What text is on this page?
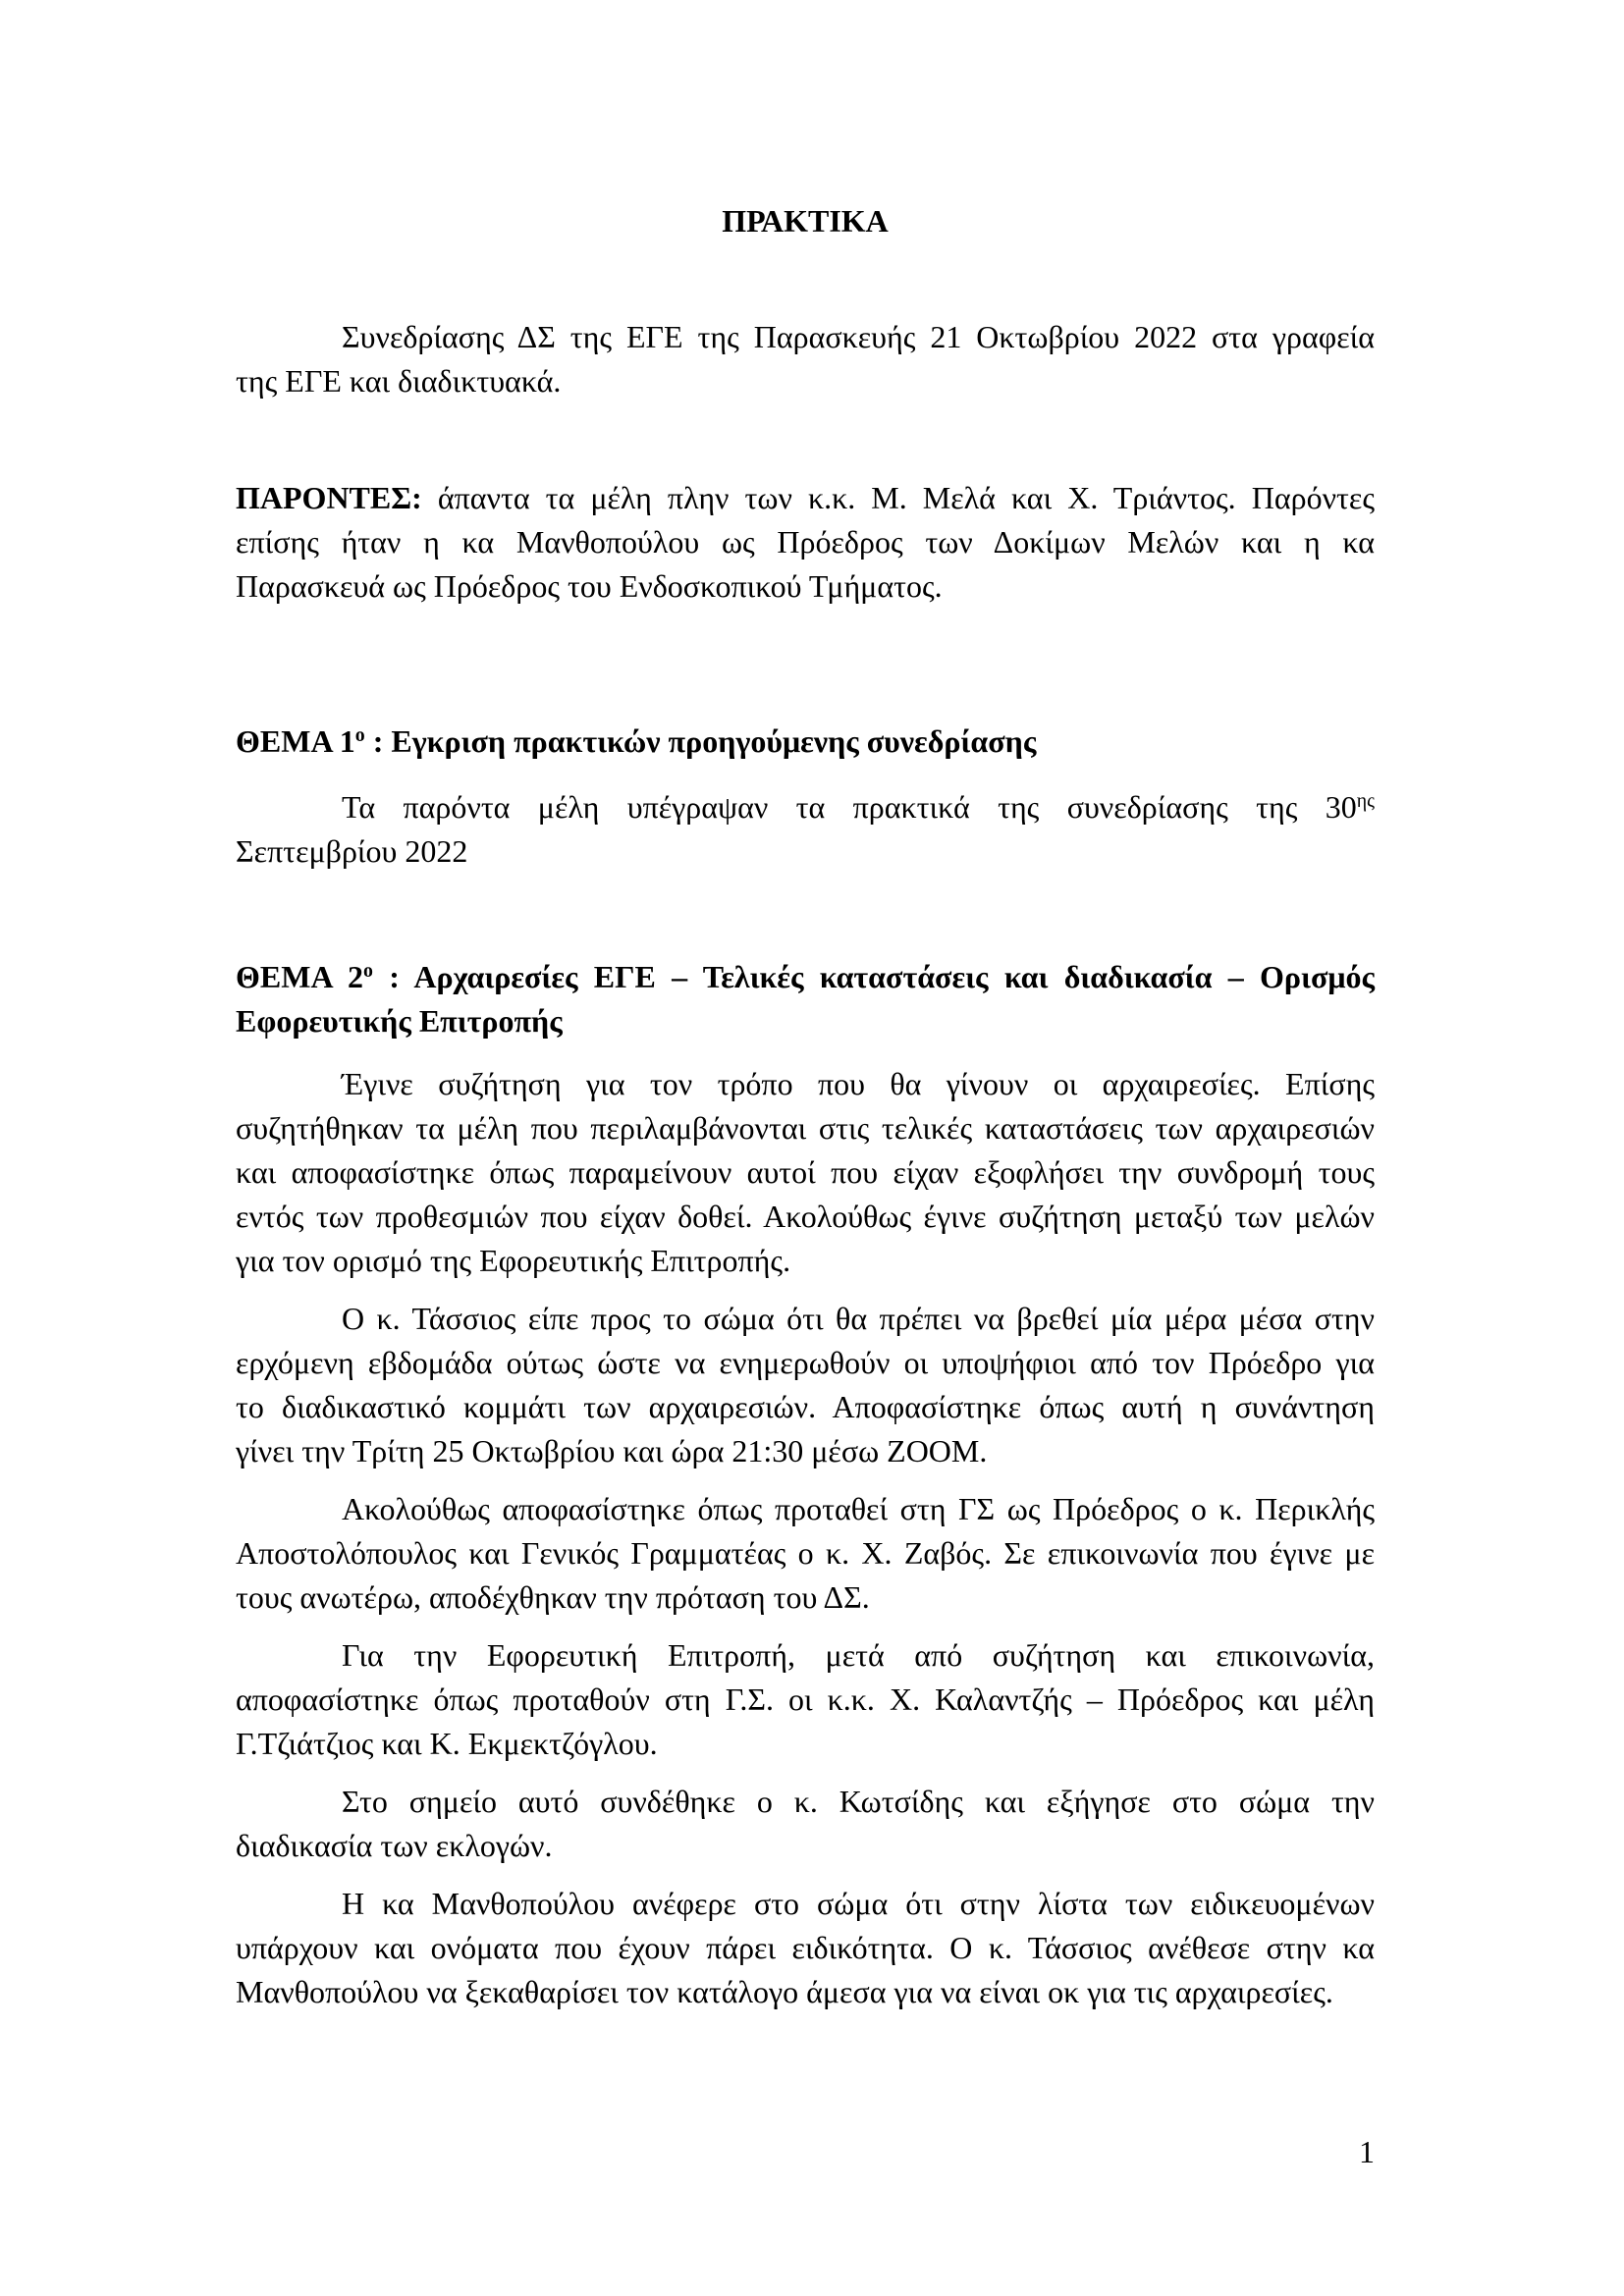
ΠΡΑΚΤΙΚΑ
Συνεδρίασης ΔΣ της ΕΓΕ της Παρασκευής 21 Οκτωβρίου 2022 στα γραφεία
της ΕΓΕ και διαδικτυακά.
ΠΑΡΟΝΤΕΣ: άπαντα τα μέλη πλην των κ.κ. Μ. Μελά και Χ. Τριάντος. Παρόντες
επίσης ήταν η κα Μανθοπούλου ως Πρόεδρος των Δοκίμων Μελών και η κα
Παρασκευά ως Πρόεδρος του Ενδοσκοπικού Τμήματος.
ΘΕΜΑ $1^o$ : Εγκριση πρακτικών προηγούμενης συνεδρίασης
Τα παρόντα μέλη υπέγραψαν τα πρακτικά της συνεδρίασης της $30^{\eta\varsigma}$
Σεπτεμβρίου 2022
ΘΕΜΑ $2^o$ : Αρχαιρεσίες ΕΓΕ – Τελικές καταστάσεις και διαδικασία – Ορισμός
Εφορευτικής Επιτροπής
Έγινε συζήτηση για τον τρόπο που θα γίνουν οι αρχαιρεσίες. Επίσης
συζητήθηκαν τα μέλη που περιλαμβάνονται στις τελικές καταστάσεις των αρχαιρεσιών
και αποφασίστηκε όπως παραμείνουν αυτοί που είχαν εξοφλήσει την συνδρομή τους
εντός των προθεσμιών που είχαν δοθεί. Ακολούθως έγινε συζήτηση μεταξύ των μελών
για τον ορισμό της Εφορευτικής Επιτροπής.
Ο κ. Τάσσιος είπε προς το σώμα ότι θα πρέπει να βρεθεί μία μέρα μέσα στην
ερχόμενη εβδομάδα ούτως ώστε να ενημερωθούν οι υποψήφιοι από τον Πρόεδρο για
το διαδικαστικό κομμάτι των αρχαιρεσιών. Αποφασίστηκε όπως αυτή η συνάντηση
γίνει την Τρίτη 25 Οκτωβρίου και ώρα 21:30 μέσω ZOOM.
Ακολούθως αποφασίστηκε όπως προταθεί στη ΓΣ ως Πρόεδρος ο κ. Περικλής
Αποστολόπουλος και Γενικός Γραμματέας ο κ. Χ. Ζαβός. Σε επικοινωνία που έγινε με
τους ανωτέρω, αποδέχθηκαν την πρόταση του ΔΣ.
Για την Εφορευτική Επιτροπή, μετά από συζήτηση και επικοινωνία,
αποφασίστηκε όπως προταθούν στη Γ.Σ. οι κ.κ. Χ. Καλαντζής – Πρόεδρος και μέλη
Γ.Τζιάτζιος και Κ. Εκμεκτζόγλου.
Στο σημείο αυτό συνδέθηκε ο κ. Κωτσίδης και εξήγησε στο σώμα την
διαδικασία των εκλογών.
Η κα Μανθοπούλου ανέφερε στο σώμα ότι στην λίστα των ειδικευομένων
υπάρχουν και ονόματα που έχουν πάρει ειδικότητα. Ο κ. Τάσσιος ανέθεσε στην κα
Μανθοπούλου να ξεκαθαρίσει τον κατάλογο άμεσα για να είναι οκ για τις αρχαιρεσίες.
1
